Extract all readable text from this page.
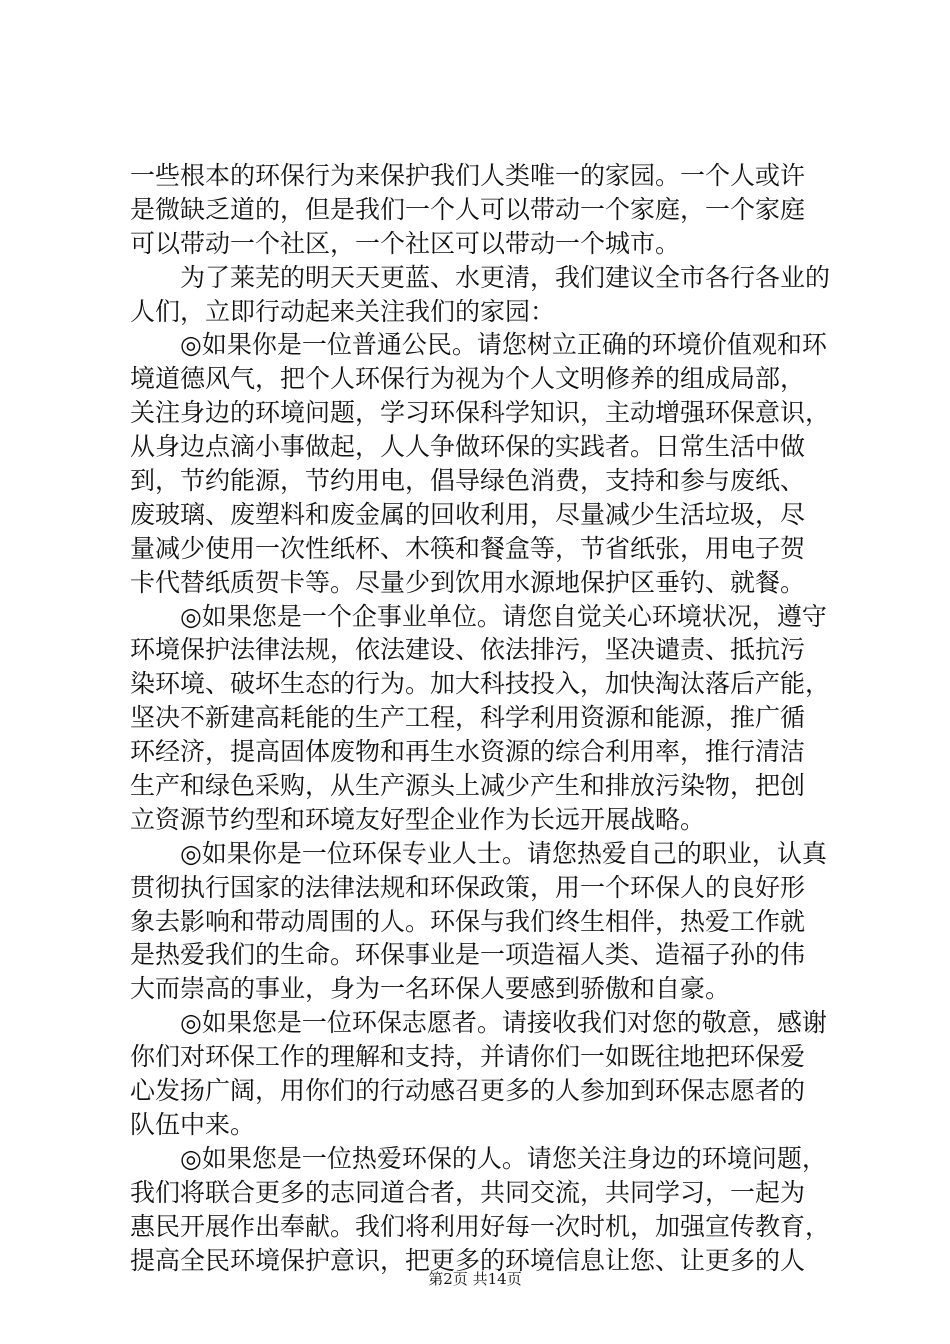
一些根本的环保行为来保护我们人类唯一的家园。一个人或许
是微缺乏道的，但是我们一个人可以带动一个家庭，一个家庭
可以带动一个社区，一个社区可以带动一个城市。
为了莱芜的明天天更蓝、水更清，我们建议全市各行各业的
人们，立即行动起来关注我们的家园：
◎如果你是一位普通公民。请您树立正确的环境价值观和环
境道德风气，把个人环保行为视为个人文明修养的组成局部，
关注身边的环境问题，学习环保科学知识，主动增强环保意识，
从身边点滴小事做起，人人争做环保的实践者。日常生活中做
到，节约能源，节约用电，倡导绿色消费，支持和参与废纸、
废玻璃、废塑料和废金属的回收利用，尽量减少生活垃圾，尽
量减少使用一次性纸杯、木筷和餐盒等，节省纸张，用电子贺
卡代替纸质贺卡等。尽量少到饮用水源地保护区垂钓、就餐。
◎如果您是一个企事业单位。请您自觉关心环境状况，遵守
环境保护法律法规，依法建设、依法排污，坚决谴责、抵抗污
染环境、破坏生态的行为。加大科技投入，加快淘汰落后产能，
坚决不新建高耗能的生产工程，科学利用资源和能源，推广循
环经济，提高固体废物和再生水资源的综合利用率，推行清洁
生产和绿色采购，从生产源头上减少产生和排放污染物，把创
立资源节约型和环境友好型企业作为长远开展战略。
◎如果你是一位环保专业人士。请您热爱自己的职业，认真
贯彻执行国家的法律法规和环保政策，用一个环保人的良好形
象去影响和带动周围的人。环保与我们终生相伴，热爱工作就
是热爱我们的生命。环保事业是一项造福人类、造福子孙的伟
大而崇高的事业，身为一名环保人要感到骄傲和自豪。
◎如果您是一位环保志愿者。请接收我们对您的敬意，感谢
你们对环保工作的理解和支持，并请你们一如既往地把环保爱
心发扬广阔，用你们的行动感召更多的人参加到环保志愿者的
队伍中来。
◎如果您是一位热爱环保的人。请您关注身边的环境问题，
我们将联合更多的志同道合者，共同交流，共同学习，一起为
惠民开展作出奉献。我们将利用好每一次时机，加强宣传教育，
提高全民环境保护意识，把更多的环境信息让您、让更多的人
第2页 共14页
